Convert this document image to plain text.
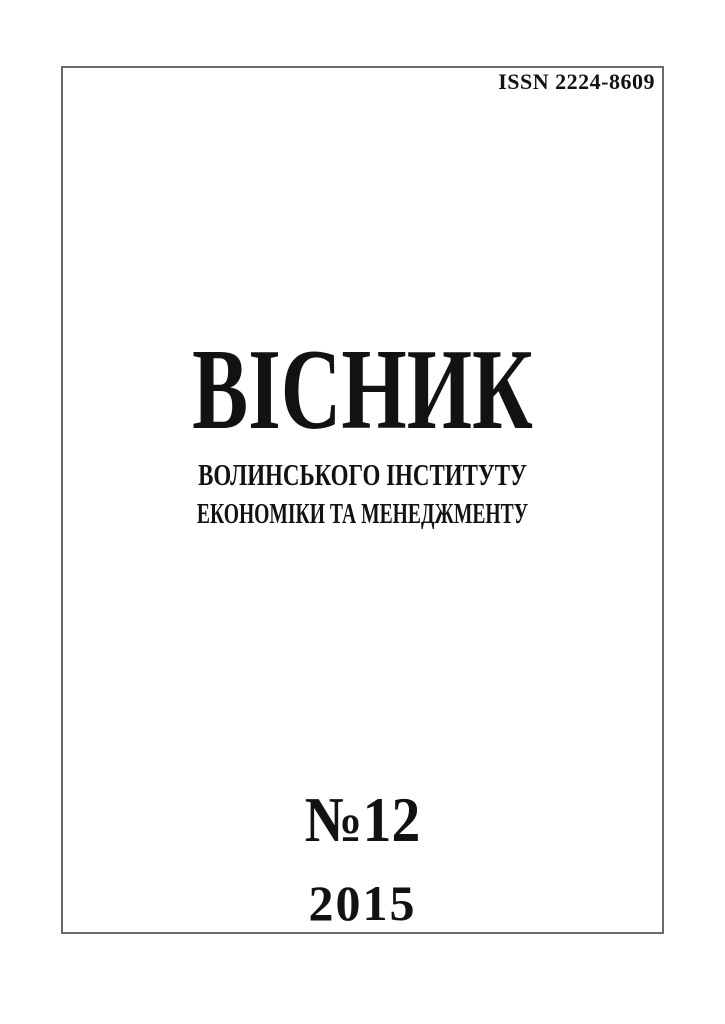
ISSN 2224-8609
ВІСНИК
ВОЛИНСЬКОГО ІНСТИТУТУ
ЕКОНОМІКИ ТА МЕНЕДЖМЕНТУ
№12
2015
